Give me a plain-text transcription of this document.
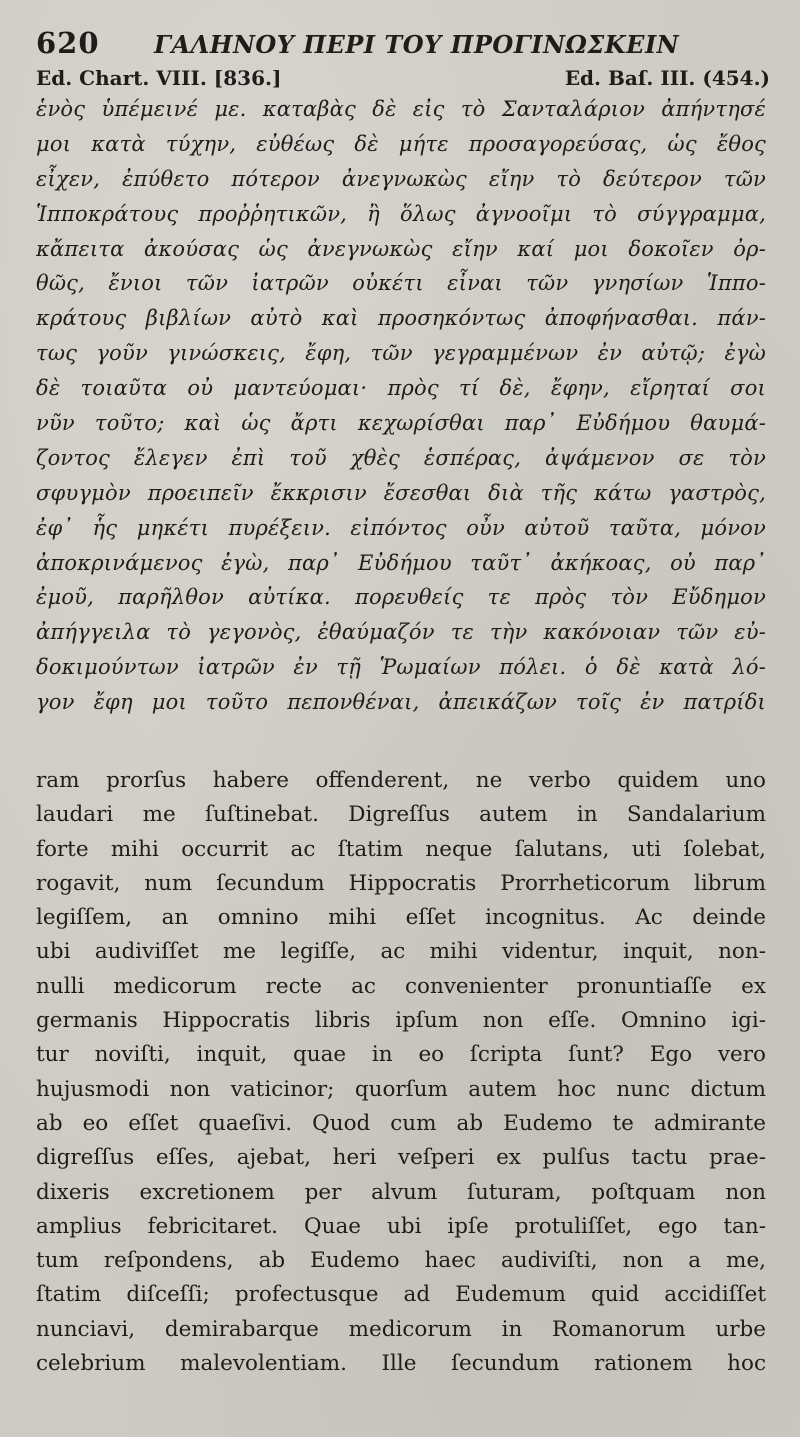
620 ΓΑΛΗΝΟΥ ΠΕΡΙ ΤΟΥ ΠΡΟΓΙΝΩΣΚΕΙΝ
Ed. Chart. VIII. [836.]	Ed. Baſ. III. (454.)
ἑνὸς ὑπέμεινέ με. καταβὰς δὲ εἰς τὸ Σανταλάριον ἀπήντησέ
μοι κατὰ τύχην, εὐθέως δὲ μήτε προσαγορεύσας, ὡς ἔθος
εἶχεν, ἐπύθετο πότερον ἀνεγνωκὼς εἴην τὸ δεύτερον τῶν
Ἱπποκράτους προῤῥητικῶν, ἢ ὅλως ἀγνοοῖμι τὸ σύγγραμμα,
κἄπειτα ἀκούσας ὡς ἀνεγνωκὼς εἴην καί μοι δοκοῖεν ὀρ-
θῶς, ἔνιοι τῶν ἰατρῶν οὐκέτι εἶναι τῶν γνησίων Ἱππο-
κράτους βιβλίων αὐτὸ καὶ προσηκόντως ἀποφήνασθαι. πάν-
τως γοῦν γινώσκεις, ἔφη, τῶν γεγραμμένων ἐν αὐτῷ; ἐγὼ
δὲ τοιαῦτα οὐ μαντεύομαι· πρὸς τί δὲ, ἔφην, εἴρηταί σοι
νῦν τοῦτο; καὶ ὡς ἄρτι κεχωρίσθαι παρ᾽ Εὐδήμου θαυμά-
ζοντος ἔλεγεν ἐπὶ τοῦ χθὲς ἑσπέρας, ἀψάμενον σε τὸν
σφυγμὸν προειπεῖν ἔκκρισιν ἔσεσθαι διὰ τῆς κάτω γαστρὸς,
ἐφ᾽ ἧς μηκέτι πυρέξειν. εἰπόντος οὖν αὐτοῦ ταῦτα, μόνον
ἀποκρινάμενος ἐγὼ, παρ᾽ Εὐδήμου ταῦτ᾽ ἀκήκοας, οὐ παρ᾽
ἐμοῦ, παρῆλθον αὐτίκα. πορευθείς τε πρὸς τὸν Εὔδημον
ἀπήγγειλα τὸ γεγονὸς, ἐθαύμαζόν τε τὴν κακόνοιαν τῶν εὐ-
δοκιμούντων ἰατρῶν ἐν τῇ Ῥωμαίων πόλει. ὁ δὲ κατὰ λό-
γον ἔφη μοι τοῦτο πεπονθέναι, ἀπεικάζων τοῖς ἐν πατρίδι
ram prorſus habere offenderent, ne verbo quidem uno
laudari me ſuſtinebat. Digreſſus autem in Sandalarium
forte mihi occurrit ac ſtatim neque ſalutans, uti ſolebat,
rogavit, num ſecundum Hippocratis Prorrheticorum librum
legiſſem, an omnino mihi eſſet incognitus. Ac deinde
ubi audiviſſet me legiſſe, ac mihi videntur, inquit, non-
nulli medicorum recte ac convenienter pronuntiaſſe ex
germanis Hippocratis libris ipſum non eſſe. Omnino igi-
tur noviſti, inquit, quae in eo ſcripta ſunt? Ego vero
hujusmodi non vaticinor; quorſum autem hoc nunc dictum
ab eo eſſet quaeſivi. Quod cum ab Eudemo te admirante
digreſſus eſſes, ajebat, heri veſperi ex pulſus tactu prae-
dixeris excretionem per alvum ſuturam, poſtquam non
amplius febricitaret. Quae ubi ipſe protuliſſet, ego tan-
tum reſpondens, ab Eudemo haec audiviſti, non a me,
ſtatim diſceſſi; profectusque ad Eudemum quid accidiſſet
nunciavi, demirabarque medicorum in Romanorum urbe
celebrium malevolentiam. Ille ſecundum rationem hoc
